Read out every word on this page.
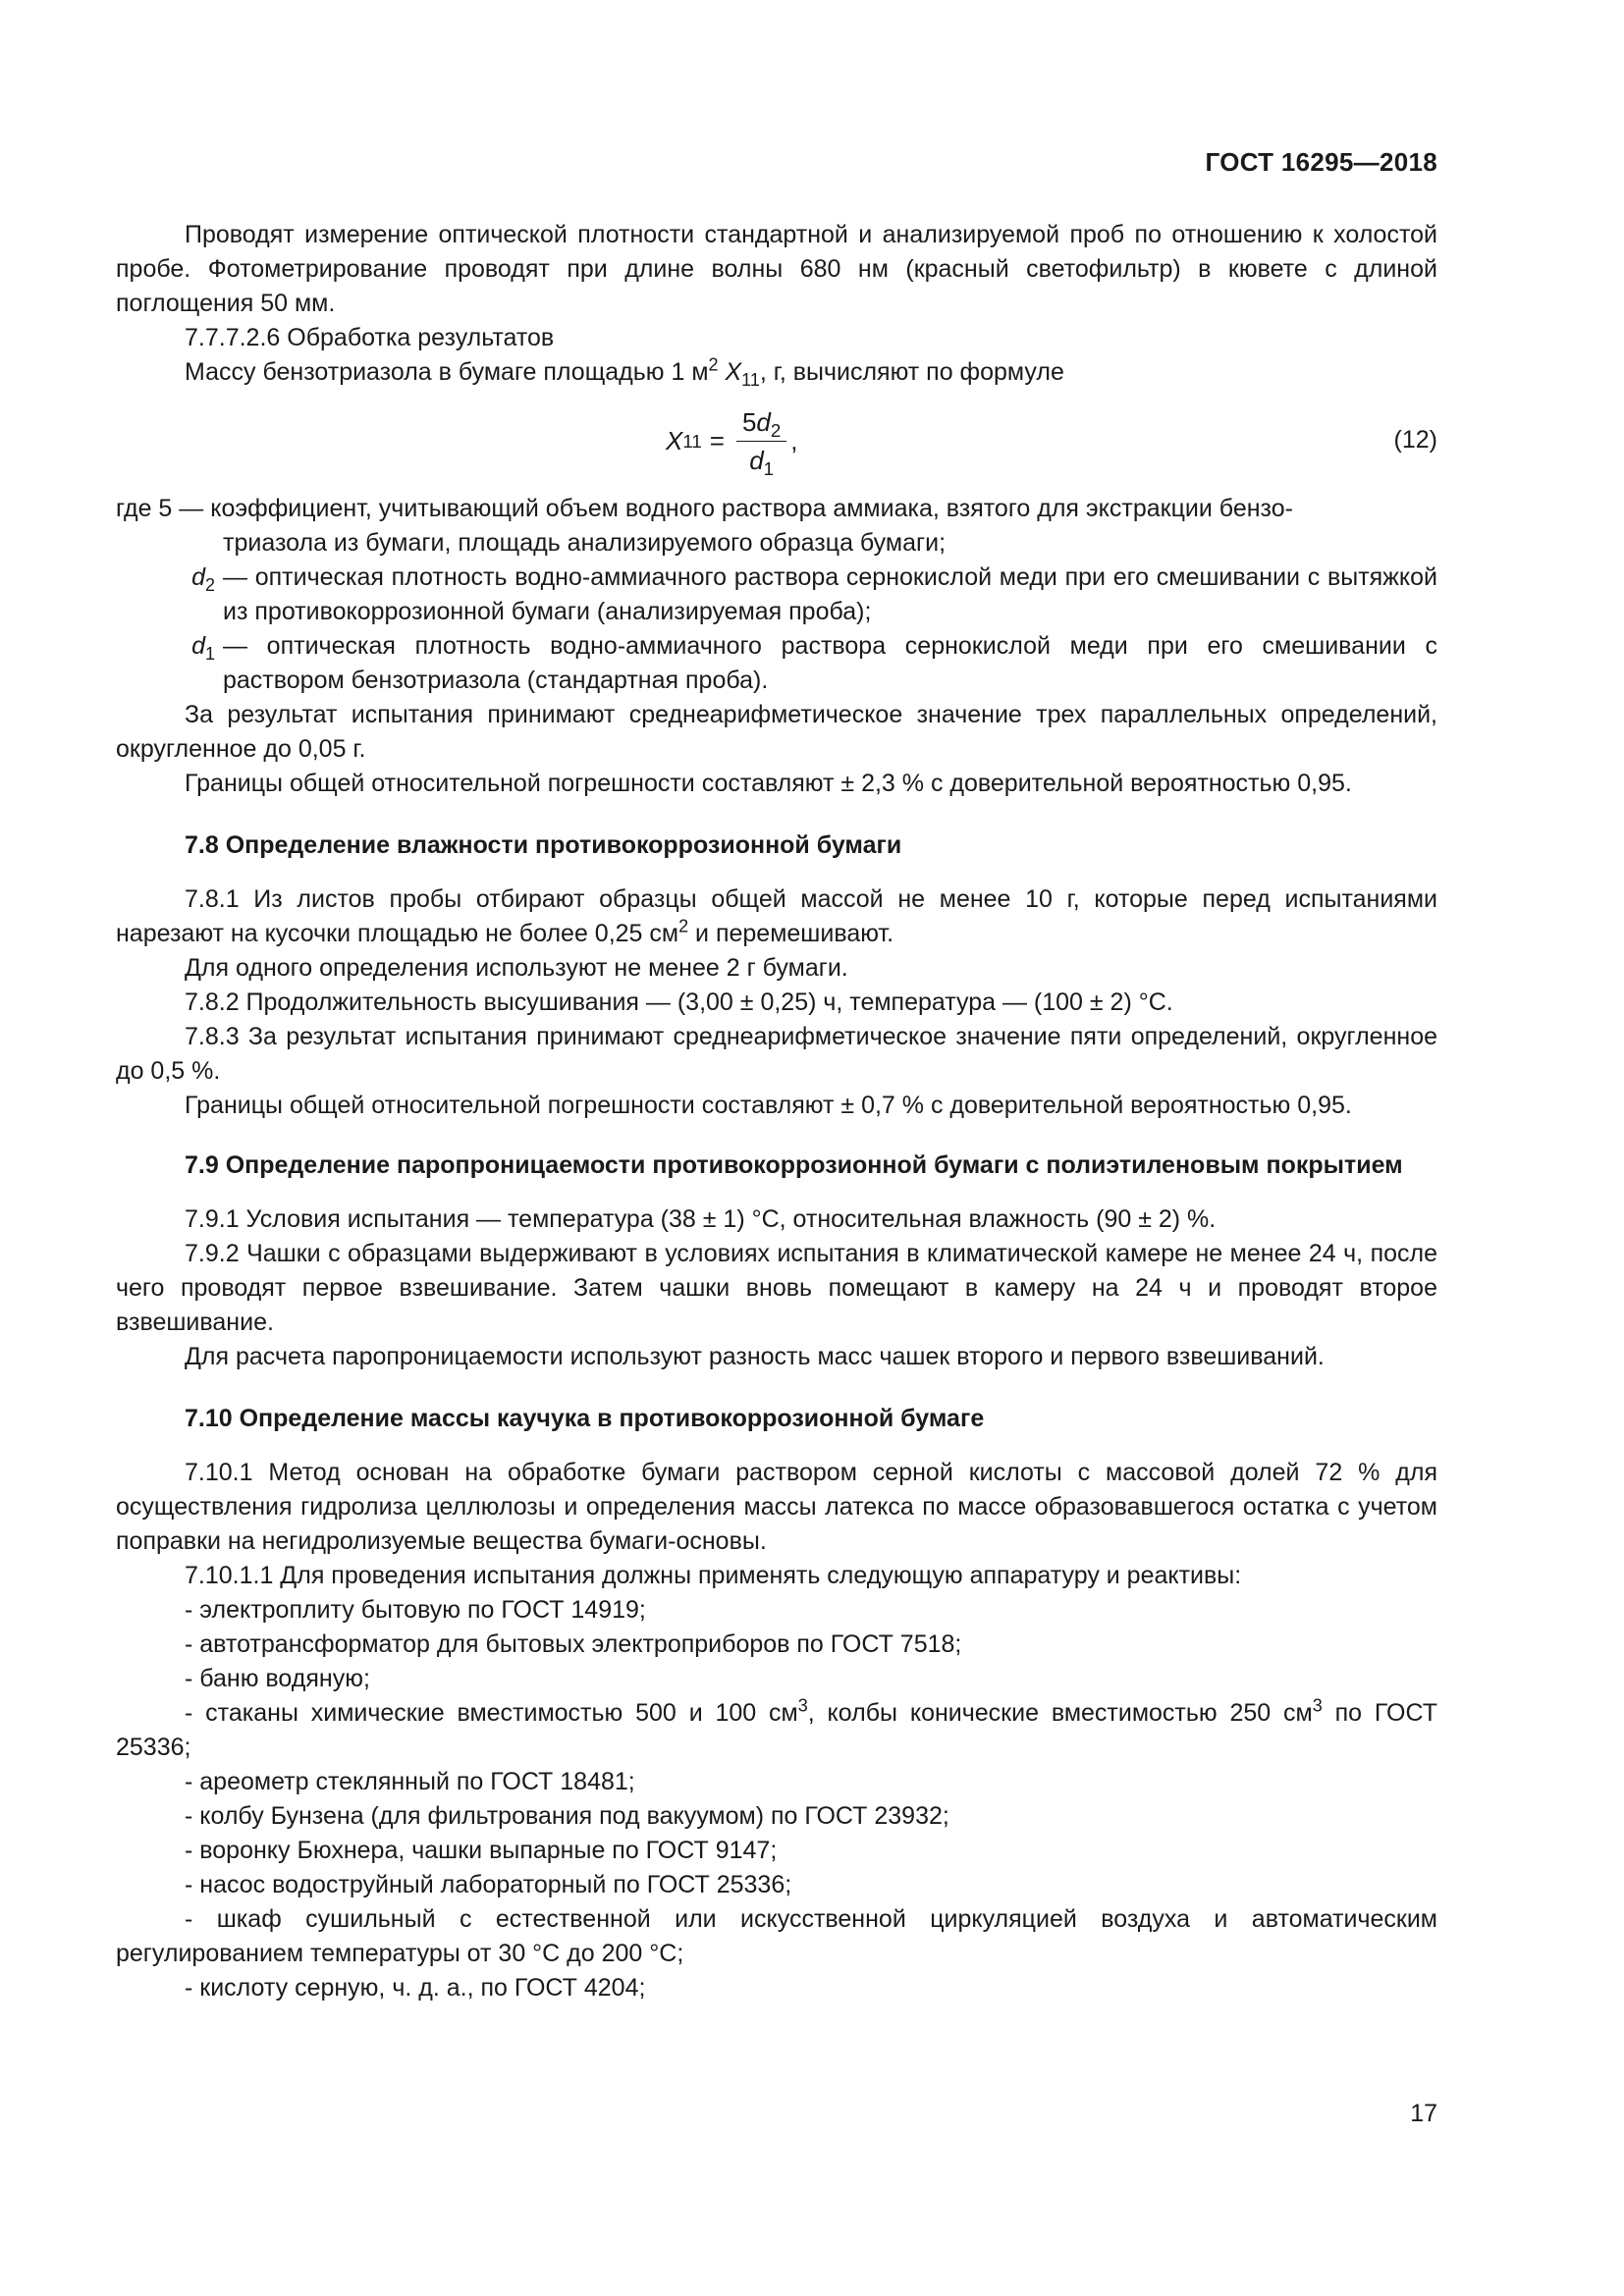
ГОСТ 16295—2018

Проводят измерение оптической плотности стандартной и анализируемой проб по отношению к холостой пробе. Фотометрирование проводят при длине волны 680 нм (красный светофильтр) в кювете с длиной поглощения 50 мм.

7.7.7.2.6 Обработка результатов

Массу бензотриазола в бумаге площадью 1 $м^2$ $X_{11}$, г, вычисляют по формуле

X $11 = \frac{5d_2}{d_1}$ ,	(12)
где 5 — коэффициент, учитывающий объем водного раствора аммиака, взятого для экстракции бензо-
триазола из бумаги, площадь анализируемого образца бумаги;
$d_2$ — оптическая плотность водно-аммиачного раствора сернокислой меди при его смешивании с вытяжкой из противокоррозионной бумаги (анализируемая проба);
$d_1$ — оптическая плотность водно-аммиачного раствора сернокислой меди при его смешивании с раствором бензотриазола (стандартная проба).

За результат испытания принимают среднеарифметическое значение трех параллельных определений, округленное до 0,05 г.

Границы общей относительной погрешности составляют ± 2,3 % с доверительной вероятностью 0,95.

7.8 Определение влажности противокоррозионной бумаги

7.8.1 Из листов пробы отбирают образцы общей массой не менее 10 г, которые перед испытаниями нарезают на кусочки площадью не более 0,25 $см^2$ и перемешивают.

Для одного определения используют не менее 2 г бумаги.

7.8.2 Продолжительность высушивания — (3,00 ± 0,25) ч, температура — (100 ± 2) °С.

7.8.3 За результат испытания принимают среднеарифметическое значение пяти определений, округленное до 0,5 %.

Границы общей относительной погрешности составляют ± 0,7 % с доверительной вероятностью 0,95.

7.9 Определение паропроницаемости противокоррозионной бумаги с полиэтиленовым покрытием

7.9.1 Условия испытания — температура (38 ± 1) °С, относительная влажность (90 ± 2) %.

7.9.2 Чашки с образцами выдерживают в условиях испытания в климатической камере не менее 24 ч, после чего проводят первое взвешивание. Затем чашки вновь помещают в камеру на 24 ч и проводят второе взвешивание.

Для расчета паропроницаемости используют разность масс чашек второго и первого взвешиваний.

7.10 Определение массы каучука в противокоррозионной бумаге

7.10.1 Метод основан на обработке бумаги раствором серной кислоты с массовой долей 72 % для осуществления гидролиза целлюлозы и определения массы латекса по массе образовавшегося остатка с учетом поправки на негидролизуемые вещества бумаги-основы.

7.10.1.1 Для проведения испытания должны применять следующую аппаратуру и реактивы:

- электроплиту бытовую по ГОСТ 14919;

- автотрансформатор для бытовых электроприборов по ГОСТ 7518;

- баню водяную;

- стаканы химические вместимостью 500 и 100 $см^3$, колбы конические вместимостью 250 $см^3$ по ГОСТ 25336;

- ареометр стеклянный по ГОСТ 18481;

- колбу Бунзена (для фильтрования под вакуумом) по ГОСТ 23932;

- воронку Бюхнера, чашки выпарные по ГОСТ 9147;

- насос водоструйный лабораторный по ГОСТ 25336;

- шкаф сушильный с естественной или искусственной циркуляцией воздуха и автоматическим регулированием температуры от 30 °С до 200 °С;

- кислоту серную, ч. д. а., по ГОСТ 4204;

17
